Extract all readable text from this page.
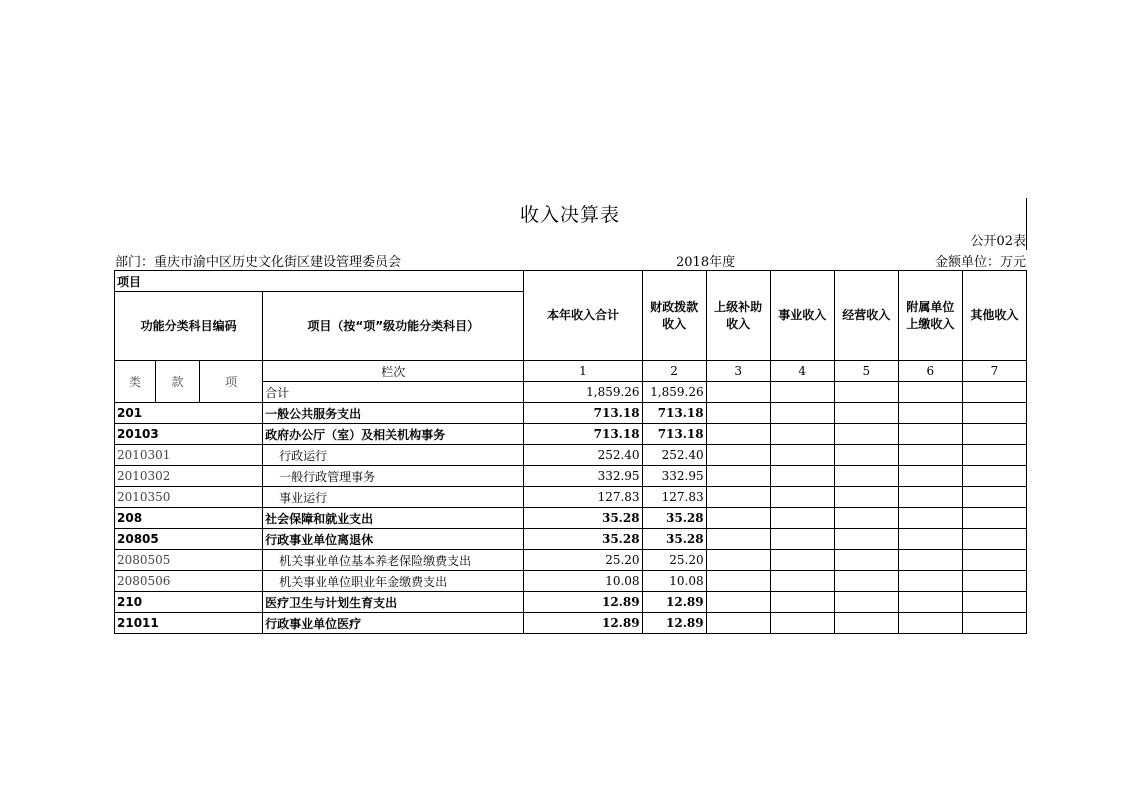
收入决算表
公开02表
部门：重庆市渝中区历史文化街区建设管理委员会	2018年度	金额单位：万元
项目				本年收入合计	财政拨款收入	上级补助收入	事业收入	经营收入	附属单位上缴收入	其他收入
功能分类科目编码			项目（按“项”级功能分类科目）							
类	款	项	栏次	1	2	3	4	5	6	7
			合计	1,859.26	1,859.26					
201			一般公共服务支出	713.18	713.18					
20103			政府办公厅（室）及相关机构事务	713.18	713.18					
2010301			行政运行	252.40	252.40					
2010302			一般行政管理事务	332.95	332.95					
2010350			事业运行	127.83	127.83					
208			社会保障和就业支出	35.28	35.28					
20805			行政事业单位离退休	35.28	35.28					
2080505			机关事业单位基本养老保险缴费支出	25.20	25.20					
2080506			机关事业单位职业年金缴费支出	10.08	10.08					
210			医疗卫生与计划生育支出	12.89	12.89					
21011			行政事业单位医疗	12.89	12.89					
